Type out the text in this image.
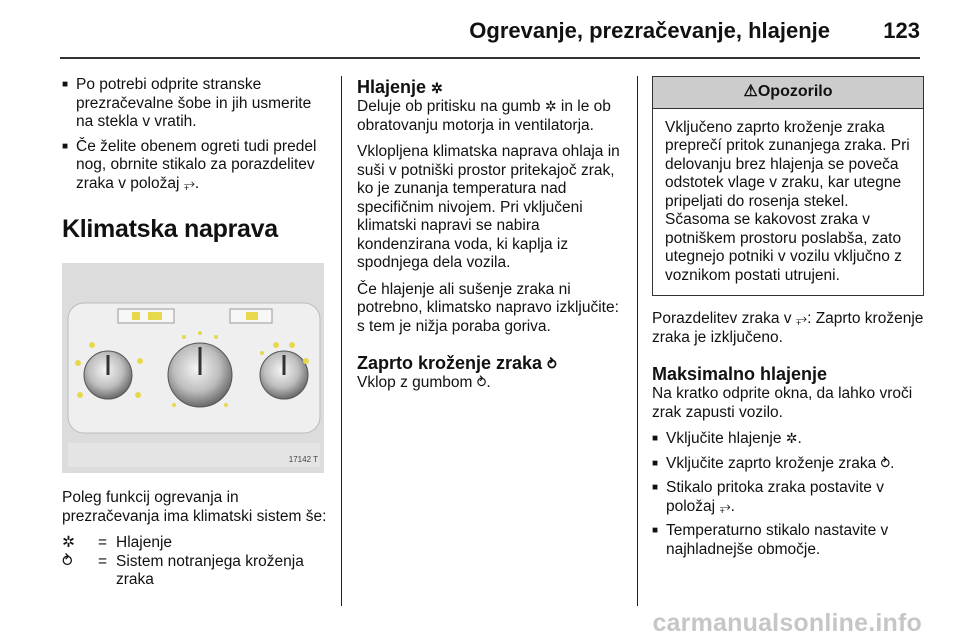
Ogrevanje, prezračevanje, hlajenje 123
■ Po potrebi odprite stranske prezračevalne šobe in jih usmerite na stekla v vratih.
■ Če želite obenem ogreti tudi predel nog, obrnite stikalo za porazdelitev zraka v položaj ⥅.
Klimatska naprava
17142 T

Poleg funkcij ogrevanja in prezračevanja ima klimatski sistem še:

✲	= Hlajenje
⥁	= Sistem notranjega kroženja zraka
Hlajenje ✲

Deluje ob pritisku na gumb ✲ in le ob obratovanju motorja in ventilatorja.

Vklopljena klimatska naprava ohlaja in suši v potniški prostor pritekajoč zrak, ko je zunanja temperatura nad specifičnim nivojem. Pri vključeni klimatski napravi se nabira kondenzirana voda, ki kaplja iz spodnjega dela vozila.

Če hlajenje ali sušenje zraka ni potrebno, klimatsko napravo izključite: s tem je nižja poraba goriva.

Zaprto kroženje zraka ⥁

Vklop z gumbom ⥁.

⚠Opozorilo
Vključeno zaprto kroženje zraka preprečí pritok zunanjega zraka. Pri delovanju brez hlajenja se poveča odstotek vlage v zraku, kar utegne pripeljati do rosenja stekel. Sčasoma se kakovost zraka v potniškem prostoru poslabša, zato utegnejo potniki v vozilu vključno z voznikom postati utrujeni.

Porazdelitev zraka v ⥅: Zaprto kroženje zraka je izključeno.

Maksimalno hlajenje

Na kratko odprite okna, da lahko vroči zrak zapusti vozilo.

■ Vključite hlajenje ✲.
■ Vključite zaprto kroženje zraka ⥁.
■ Stikalo pritoka zraka postavite v položaj ⥅.
■ Temperaturno stikalo nastavite v najhladnejše območje.
carmanualsonline.info
